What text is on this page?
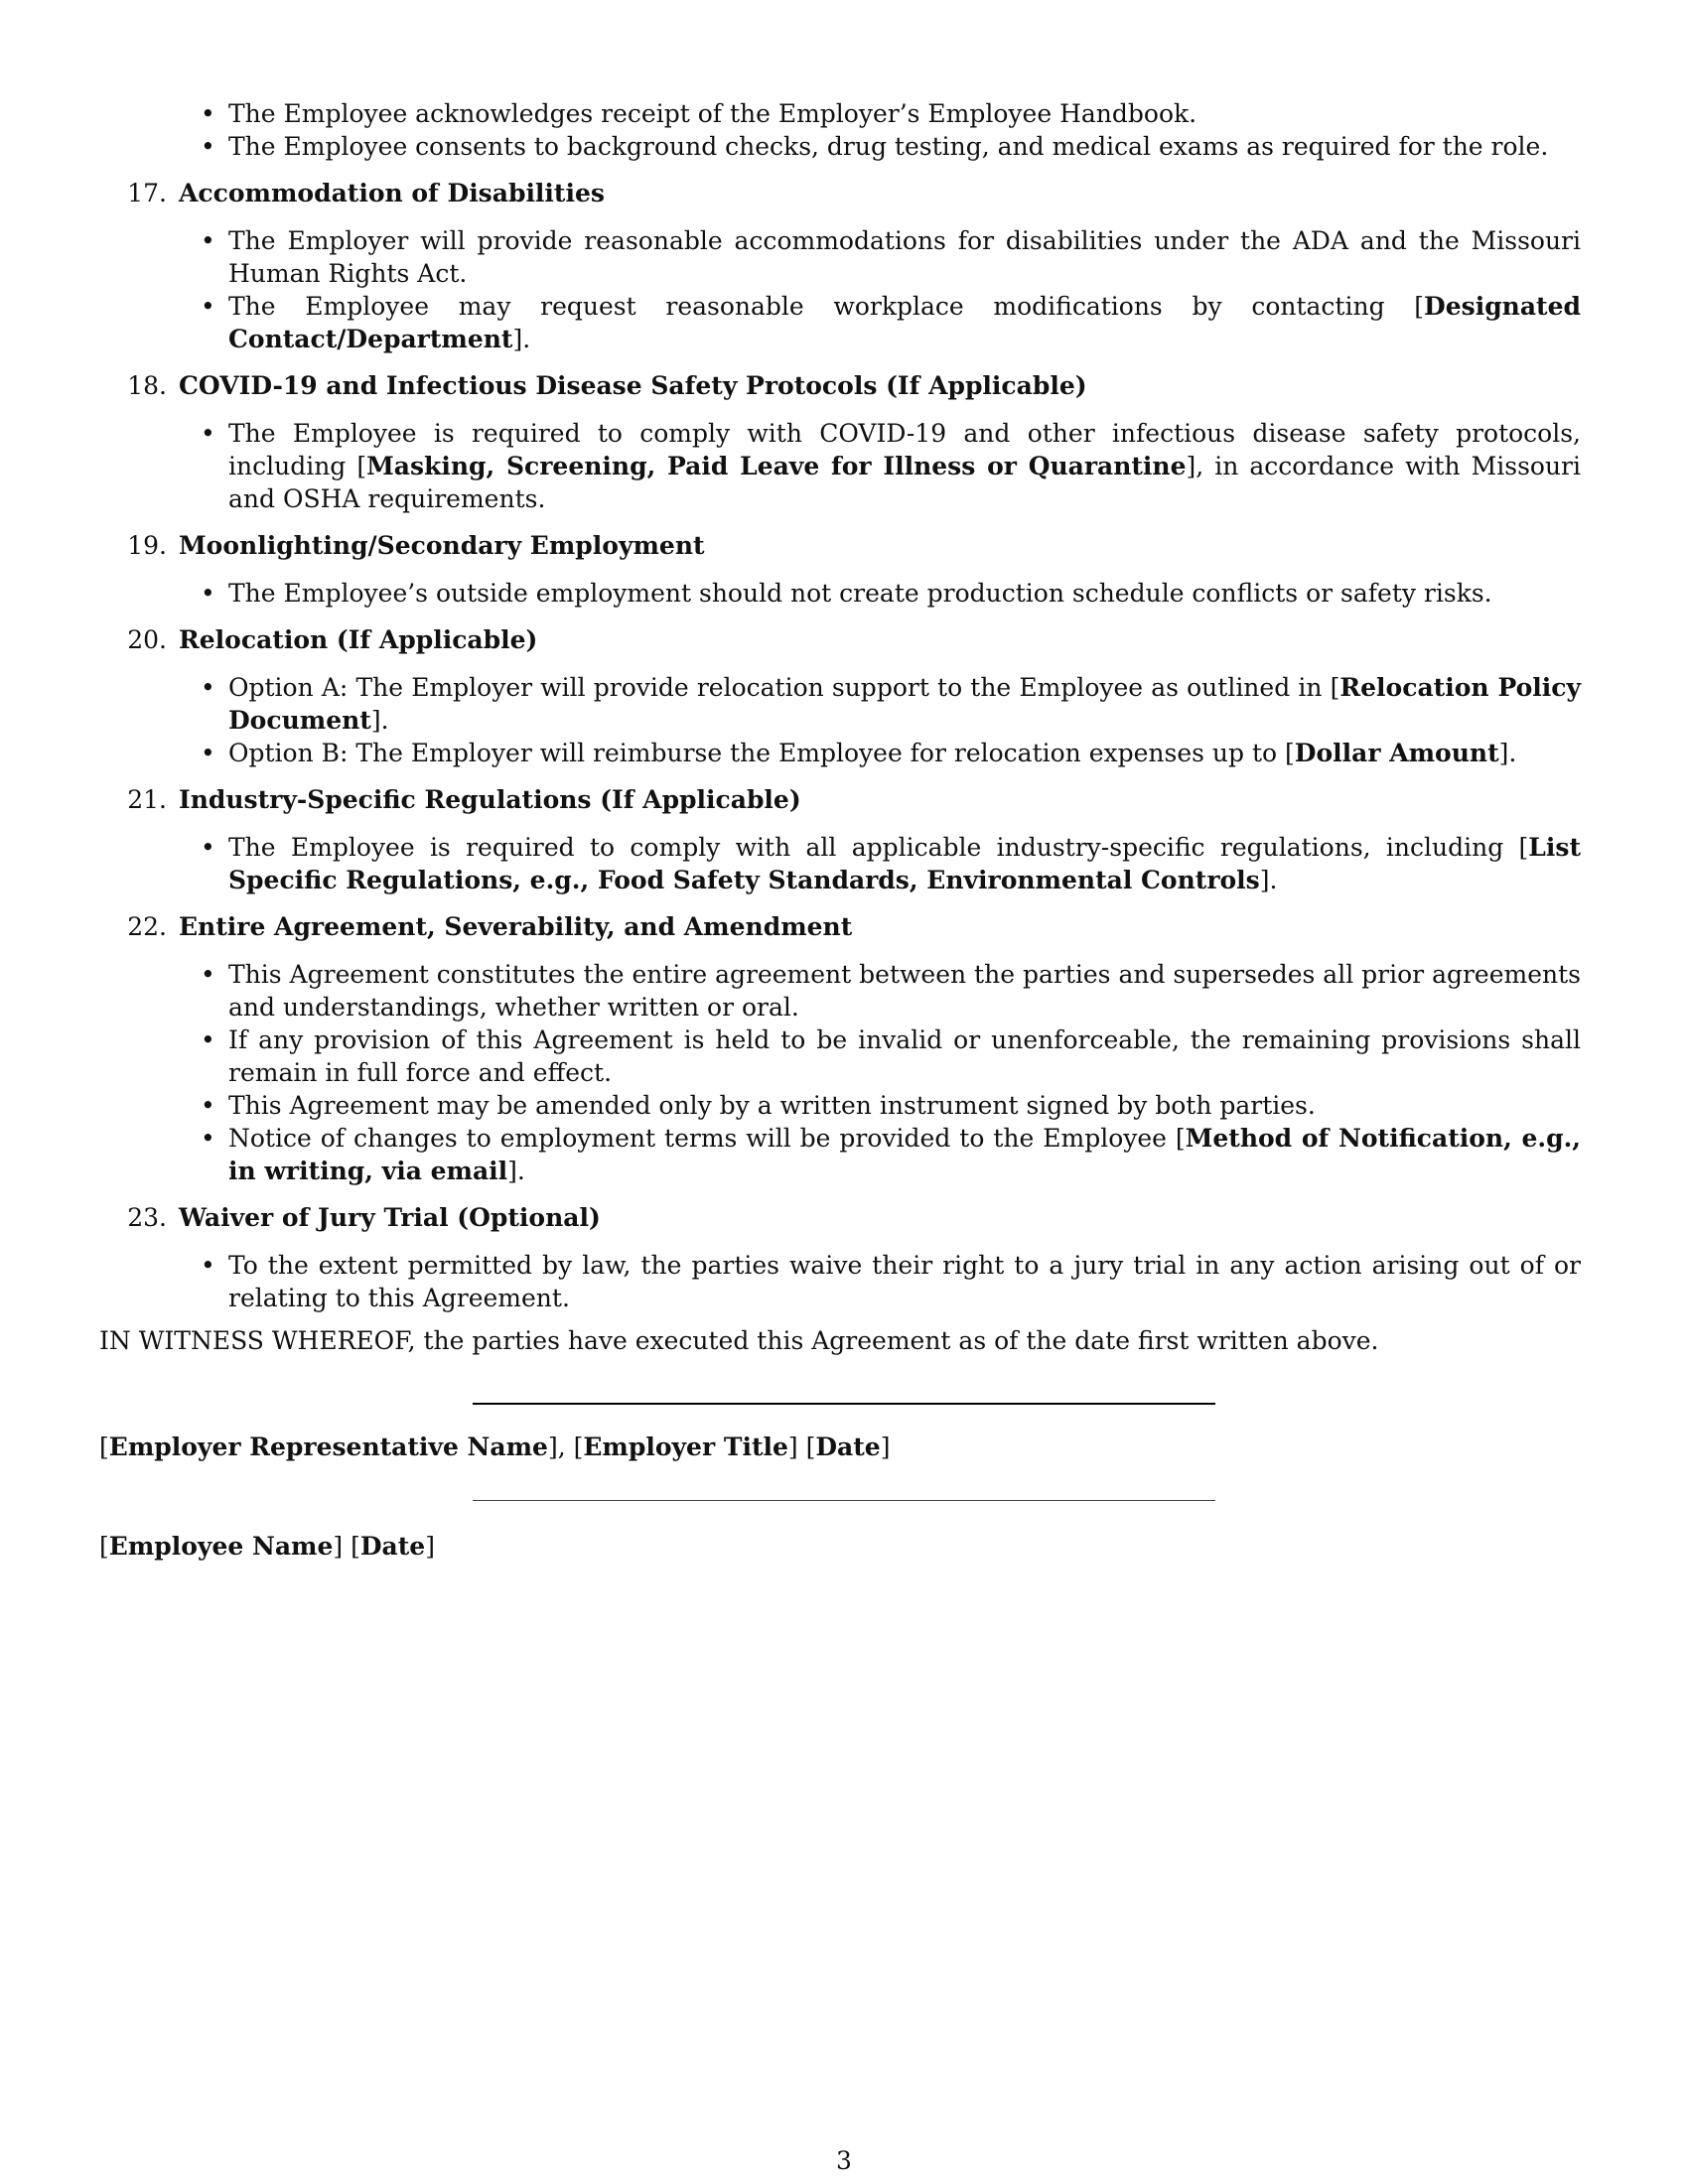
• The Employee acknowledges receipt of the Employer’s Employee Handbook.
• The Employee consents to background checks, drug testing, and medical exams as required for the role.
17. Accommodation of Disabilities
• The Employer will provide reasonable accommodations for disabilities under the ADA and the Missouri Human Rights Act.
• The Employee may request reasonable workplace modifications by contacting [Designated Contact/Department].
18. COVID-19 and Infectious Disease Safety Protocols (If Applicable)
• The Employee is required to comply with COVID-19 and other infectious disease safety protocols, including [Masking, Screening, Paid Leave for Illness or Quarantine], in accordance with Missouri and OSHA requirements.
19. Moonlighting/Secondary Employment
• The Employee’s outside employment should not create production schedule conflicts or safety risks.
20. Relocation (If Applicable)
• Option A: The Employer will provide relocation support to the Employee as outlined in [Relocation Policy Document].
• Option B: The Employer will reimburse the Employee for relocation expenses up to [Dollar Amount].
21. Industry-Specific Regulations (If Applicable)
• The Employee is required to comply with all applicable industry-specific regulations, including [List Specific Regulations, e.g., Food Safety Standards, Environmental Controls].
22. Entire Agreement, Severability, and Amendment
• This Agreement constitutes the entire agreement between the parties and supersedes all prior agreements and understandings, whether written or oral.
• If any provision of this Agreement is held to be invalid or unenforceable, the remaining provisions shall remain in full force and effect.
• This Agreement may be amended only by a written instrument signed by both parties.
• Notice of changes to employment terms will be provided to the Employee [Method of Notification, e.g., in writing, via email].
23. Waiver of Jury Trial (Optional)
• To the extent permitted by law, the parties waive their right to a jury trial in any action arising out of or relating to this Agreement.
IN WITNESS WHEREOF, the parties have executed this Agreement as of the date first written above.
[Employer Representative Name], [Employer Title] [Date]
[Employee Name] [Date]
3
